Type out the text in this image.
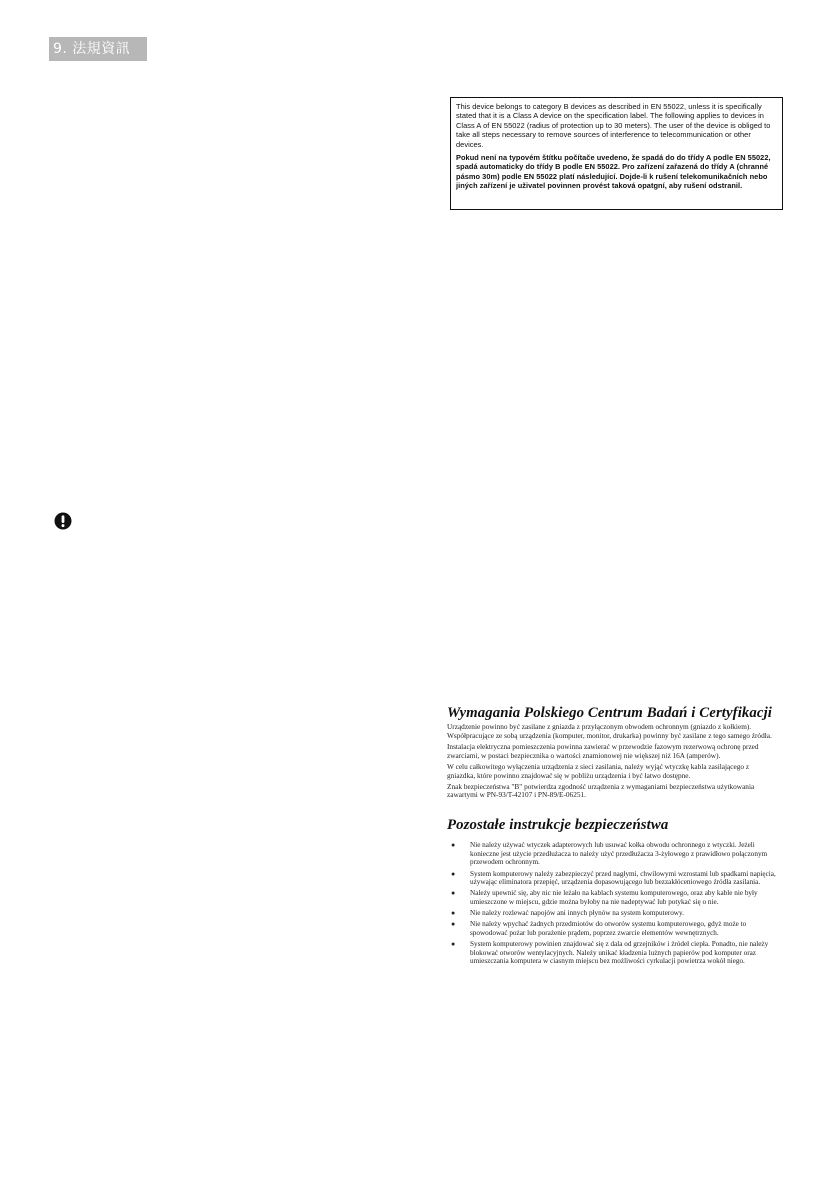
9. 法規資訊

This device belongs to category B devices as described in EN 55022, unless it is specifically stated that it is a Class A device on the specification label. The following applies to devices in Class A of EN 55022 (radius of protection up to 30 meters). The user of the device is obliged to take all steps necessary to remove sources of interference to telecommunication or other devices.

Pokud není na typovém štítku počítače uvedeno, že spadá do do třídy A podle EN 55022, spadá automaticky do třídy B podle EN 55022. Pro zařízení zařazená do třídy A (chranné pásmo 30m) podle EN 55022 platí následující. Dojde-li k rušení telekomunikačních nebo jiných zařízení je uživatel povinnen provést taková opatgní, aby rušení odstranil.

Wymagania Polskiego Centrum Badań i Certyfikacji

Urządzenie powinno być zasilane z gniazda z przyłączonym obwodem ochronnym (gniazdo z kołkiem). Współpracujące ze sobą urządzenia (komputer, monitor, drukarka) powinny być zasilane z tego samego źródła.

Instalacja elektryczna pomieszczenia powinna zawierać w przewodzie fazowym rezerwową ochronę przed zwarciami, w postaci bezpiecznika o wartości znamionowej nie większej niż 16A (amperów).

W celu całkowitego wyłączenia urządzenia z sieci zasilania, należy wyjąć wtyczkę kabla zasilającego z gniazdka, które powinno znajdować się w pobliżu urządzenia i być łatwo dostępne.

Znak bezpieczeństwa "B" potwierdza zgodność urządzenia z wymaganiami bezpieczeństwa użytkowania zawartymi w PN-93/T-42107 i PN-89/E-06251.

Pozostałe instrukcje bezpieczeństwa
● Nie należy używać wtyczek adapterowych lub usuwać kołka obwodu ochronnego z wtyczki. Jeżeli konieczne jest użycie przedłużacza to należy użyć przedłużacza 3-żyłowego z prawidłowo połączonym przewodem ochronnym.
● System komputerowy należy zabezpieczyć przed nagłymi, chwilowymi wzrostami lub spadkami napięcia, używając eliminatora przepięć, urządzenia dopasowującego lub bezzakłóceniowego źródła zasilania.
● Należy upewnić się, aby nic nie leżało na kablach systemu komputerowego, oraz aby kable nie były umieszczone w miejscu, gdzie można byłoby na nie nadeptywać lub potykać się o nie.
● Nie należy rozlewać napojów ani innych płynów na system komputerowy.
● Nie należy wpychać żadnych przedmiotów do otworów systemu komputerowego, gdyż może to spowodować pożar lub porażenie prądem, poprzez zwarcie elementów wewnętrznych.
● System komputerowy powinien znajdować się z dala od grzejników i źródeł ciepła. Ponadto, nie należy blokować otworów wentylacyjnych. Należy unikać kładzenia lużnych papierów pod komputer oraz umieszczania komputera w ciasnym miejscu bez możliwości cyrkulacji powietrza wokół niego.
